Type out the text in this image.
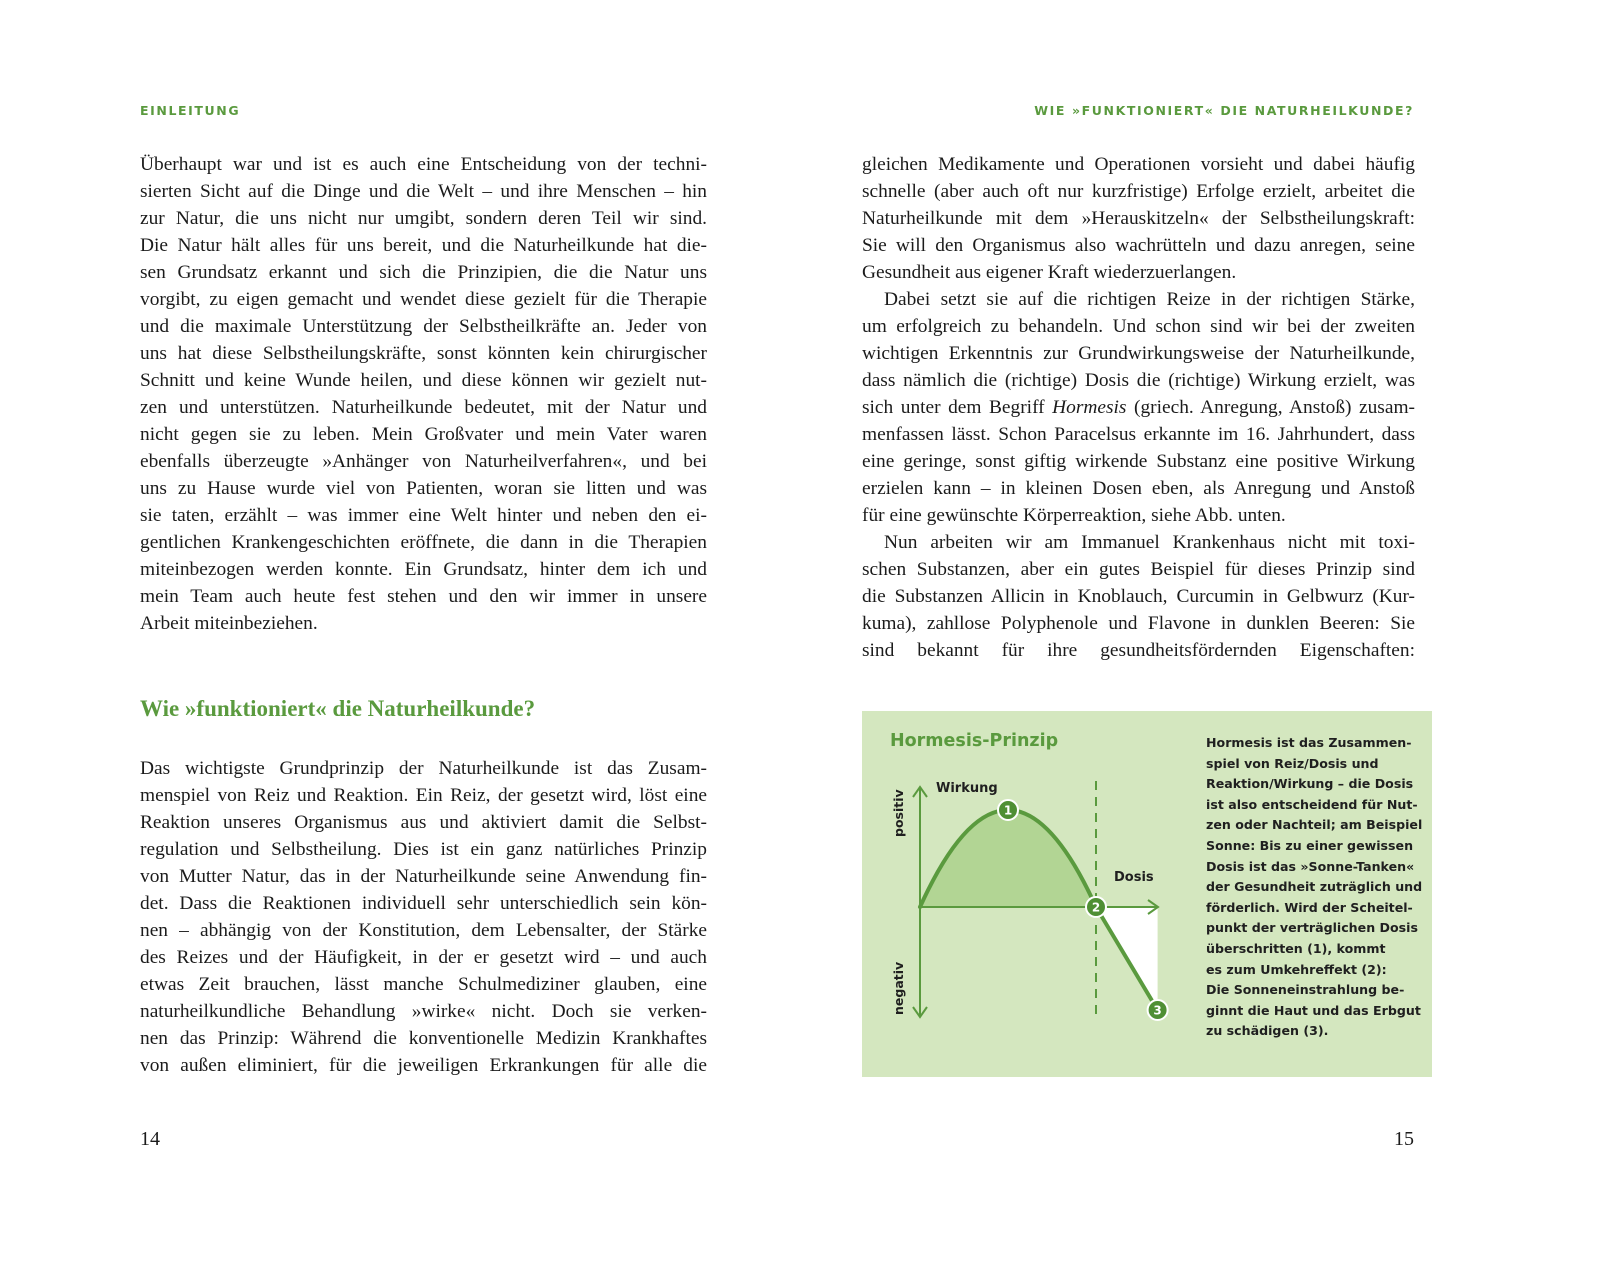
EINLEITUNG
Überhaupt war und ist es auch eine Entscheidung von der techni-
sierten Sicht auf die Dinge und die Welt – und ihre Menschen – hin
zur Natur, die uns nicht nur umgibt, sondern deren Teil wir sind.
Die Natur hält alles für uns bereit, und die Naturheilkunde hat die-
sen Grundsatz erkannt und sich die Prinzipien, die die Natur uns
vorgibt, zu eigen gemacht und wendet diese gezielt für die Therapie
und die maximale Unterstützung der Selbstheilkräfte an. Jeder von
uns hat diese Selbstheilungskräfte, sonst könnten kein chirurgischer
Schnitt und keine Wunde heilen, und diese können wir gezielt nut-
zen und unterstützen. Naturheilkunde bedeutet, mit der Natur und
nicht gegen sie zu leben. Mein Großvater und mein Vater waren
ebenfalls überzeugte »Anhänger von Naturheilverfahren«, und bei
uns zu Hause wurde viel von Patienten, woran sie litten und was
sie taten, erzählt – was immer eine Welt hinter und neben den ei-
gentlichen Krankengeschichten eröffnete, die dann in die Therapien
miteinbezogen werden konnte. Ein Grundsatz, hinter dem ich und
mein Team auch heute fest stehen und den wir immer in unsere
Arbeit miteinbeziehen.
Wie »funktioniert« die Naturheilkunde?
Das wichtigste Grundprinzip der Naturheilkunde ist das Zusam-
menspiel von Reiz und Reaktion. Ein Reiz, der gesetzt wird, löst eine
Reaktion unseres Organismus aus und aktiviert damit die Selbst-
regulation und Selbstheilung. Dies ist ein ganz natürliches Prinzip
von Mutter Natur, das in der Naturheilkunde seine Anwendung fin-
det. Dass die Reaktionen individuell sehr unterschiedlich sein kön-
nen – abhängig von der Konstitution, dem Lebensalter, der Stärke
des Reizes und der Häufigkeit, in der er gesetzt wird – und auch
etwas Zeit brauchen, lässt manche Schulmediziner glauben, eine
naturheilkundliche Behandlung »wirke« nicht. Doch sie verken-
nen das Prinzip: Während die konventionelle Medizin Krankhaftes
von außen eliminiert, für die jeweiligen Erkrankungen für alle die
14
WIE »FUNKTIONIERT« DIE NATURHEILKUNDE?
gleichen Medikamente und Operationen vorsieht und dabei häufig
schnelle (aber auch oft nur kurzfristige) Erfolge erzielt, arbeitet die
Naturheilkunde mit dem »Herauskitzeln« der Selbstheilungskraft:
Sie will den Organismus also wachrütteln und dazu anregen, seine
Gesundheit aus eigener Kraft wiederzuerlangen.
Dabei setzt sie auf die richtigen Reize in der richtigen Stärke,
um erfolgreich zu behandeln. Und schon sind wir bei der zweiten
wichtigen Erkenntnis zur Grundwirkungsweise der Naturheilkunde,
dass nämlich die (richtige) Dosis die (richtige) Wirkung erzielt, was
sich unter dem Begriff Hormesis (griech. Anregung, Anstoß) zusam-
menfassen lässt. Schon Paracelsus erkannte im 16. Jahrhundert, dass
eine geringe, sonst giftig wirkende Substanz eine positive Wirkung
erzielen kann – in kleinen Dosen eben, als Anregung und Anstoß
für eine gewünschte Körperreaktion, siehe Abb. unten.
Nun arbeiten wir am Immanuel Krankenhaus nicht mit toxi-
schen Substanzen, aber ein gutes Beispiel für dieses Prinzip sind
die Substanzen Allicin in Knoblauch, Curcumin in Gelbwurz (Kur-
kuma), zahllose Polyphenole und Flavone in dunklen Beeren: Sie
sind bekannt für ihre gesundheitsfördernden Eigenschaften:
Hormesis-Prinzip
1
2
3
Wirkung
Dosis
positiv
negativ
Hormesis ist das Zusammen-
spiel von Reiz/Dosis und
Reaktion/Wirkung – die Dosis
ist also entscheidend für Nut-
zen oder Nachteil; am Beispiel
Sonne: Bis zu einer gewissen
Dosis ist das »Sonne-Tanken«
der Gesundheit zuträglich und
förderlich. Wird der Scheitel-
punkt der verträglichen Dosis
überschritten (1), kommt
es zum Umkehreffekt (2):
Die Sonneneinstrahlung be-
ginnt die Haut und das Erbgut
zu schädigen (3).
15
